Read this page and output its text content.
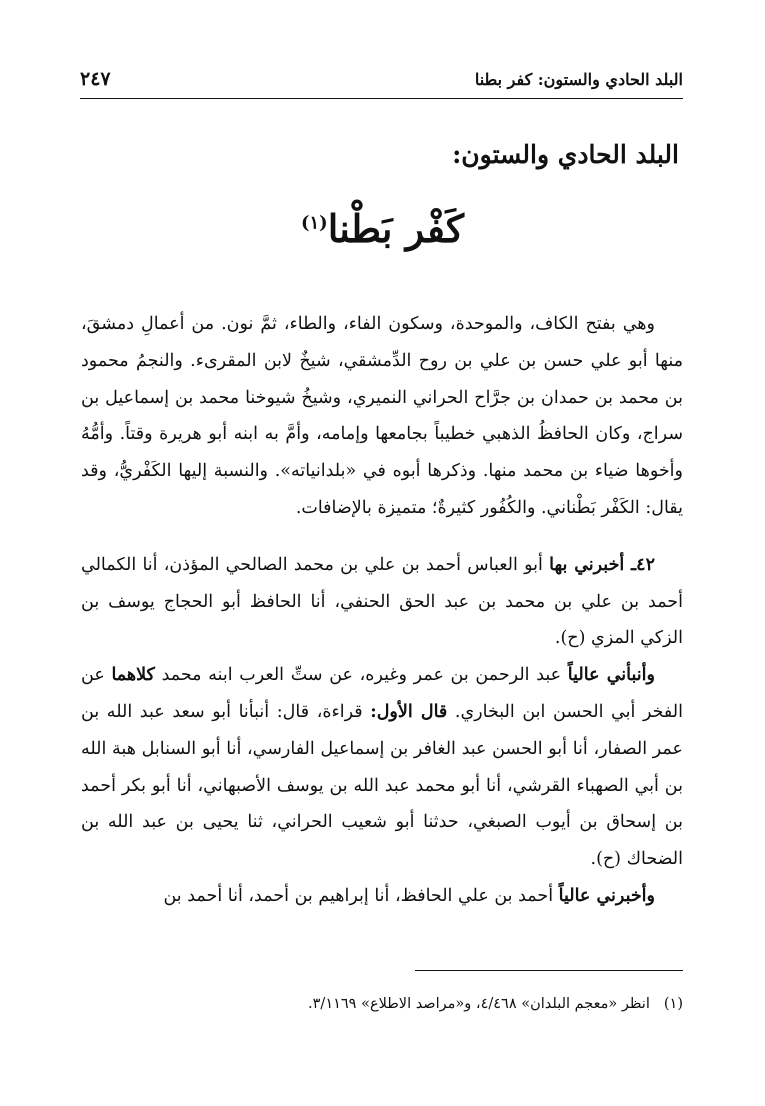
البلد الحادي والستون: كفر بطنا
٢٤٧
البلد الحادي والستون:
كَفْر بَطْنا$^{(١)}$

وهي بفتح الكاف، والموحدة، وسكون الفاء، والطاء، ثمَّ نون. من أعمالِ دمشقَ، منها أبو علي حسن بن علي بن روح الدِّمشقي، شيخٌ لابن المقرىء. والنجمُ محمود بن محمد بن حمدان بن جرَّاح الحراني النميري، وشيخُ شيوخنا محمد بن إسماعيل بن سراج، وكان الحافظُ الذهبي خطيباً بجامعها وإمامه، وأمَّ به ابنه أبو هريرة وقتاً. وأمُّهُ وأخوها ضياء بن محمد منها. وذكرها أبوه في «بلدانياته». والنسبة إليها الكَفْريُّ، وقد يقال: الكَفْر بَطْناني. والكُفُور كثيرةٌ؛ متميزة بالإضافات.

٤٢ـ أخبرني بها أبو العباس أحمد بن علي بن محمد الصالحي المؤذن، أنا الكمالي أحمد بن علي بن محمد بن عبد الحق الحنفي، أنا الحافظ أبو الحجاج يوسف بن الزكي المزي (ح).

وأنبأني عالياً عبد الرحمن بن عمر وغيره، عن ستِّ العرب ابنه محمد كلاهما عن الفخر أبي الحسن ابن البخاري. قال الأول: قراءة، قال: أنبأنا أبو سعد عبد الله بن عمر الصفار، أنا أبو الحسن عبد الغافر بن إسماعيل الفارسي، أنا أبو السنابل هبة الله بن أبي الصهباء القرشي، أنا أبو محمد عبد الله بن يوسف الأصبهاني، أنا أبو بكر أحمد بن إسحاق بن أيوب الصبغي، حدثنا أبو شعيب الحراني، ثنا يحيى بن عبد الله بن الضحاك (ح).

وأخبرني عالياً أحمد بن علي الحافظ، أنا إبراهيم بن أحمد، أنا أحمد بن

(١)انظر «معجم البلدان» ٤/٤٦٨، و«مراصد الاطلاع» ٣/١١٦٩.
